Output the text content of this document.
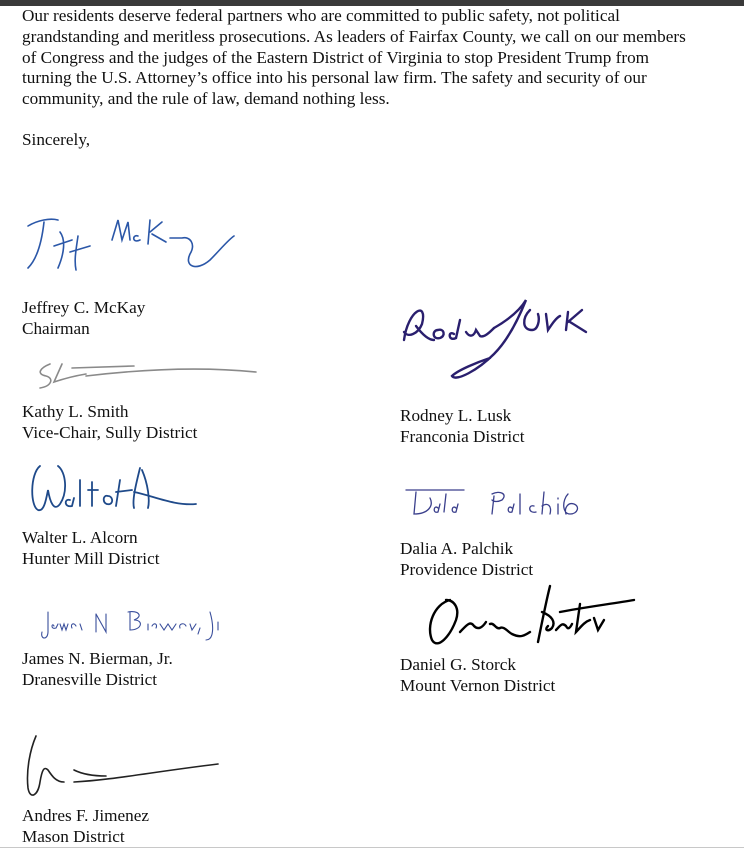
Our residents deserve federal partners who are committed to public safety, not political
grandstanding and meritless prosecutions. As leaders of Fairfax County, we call on our members
of Congress and the judges of the Eastern District of Virginia to stop President Trump from
turning the U.S. Attorney’s office into his personal law firm. The safety and security of our
community, and the rule of law, demand nothing less.

Sincerely,

Jeffrey C. McKay
Chairman
Rodney L. Lusk
Franconia District
Kathy L. Smith
Vice-Chair, Sully District
Walter L. Alcorn
Hunter Mill District
Dalia A. Palchik
Providence District
James N. Bierman, Jr.
Dranesville District
Daniel G. Storck
Mount Vernon District
Andres F. Jimenez
Mason District
